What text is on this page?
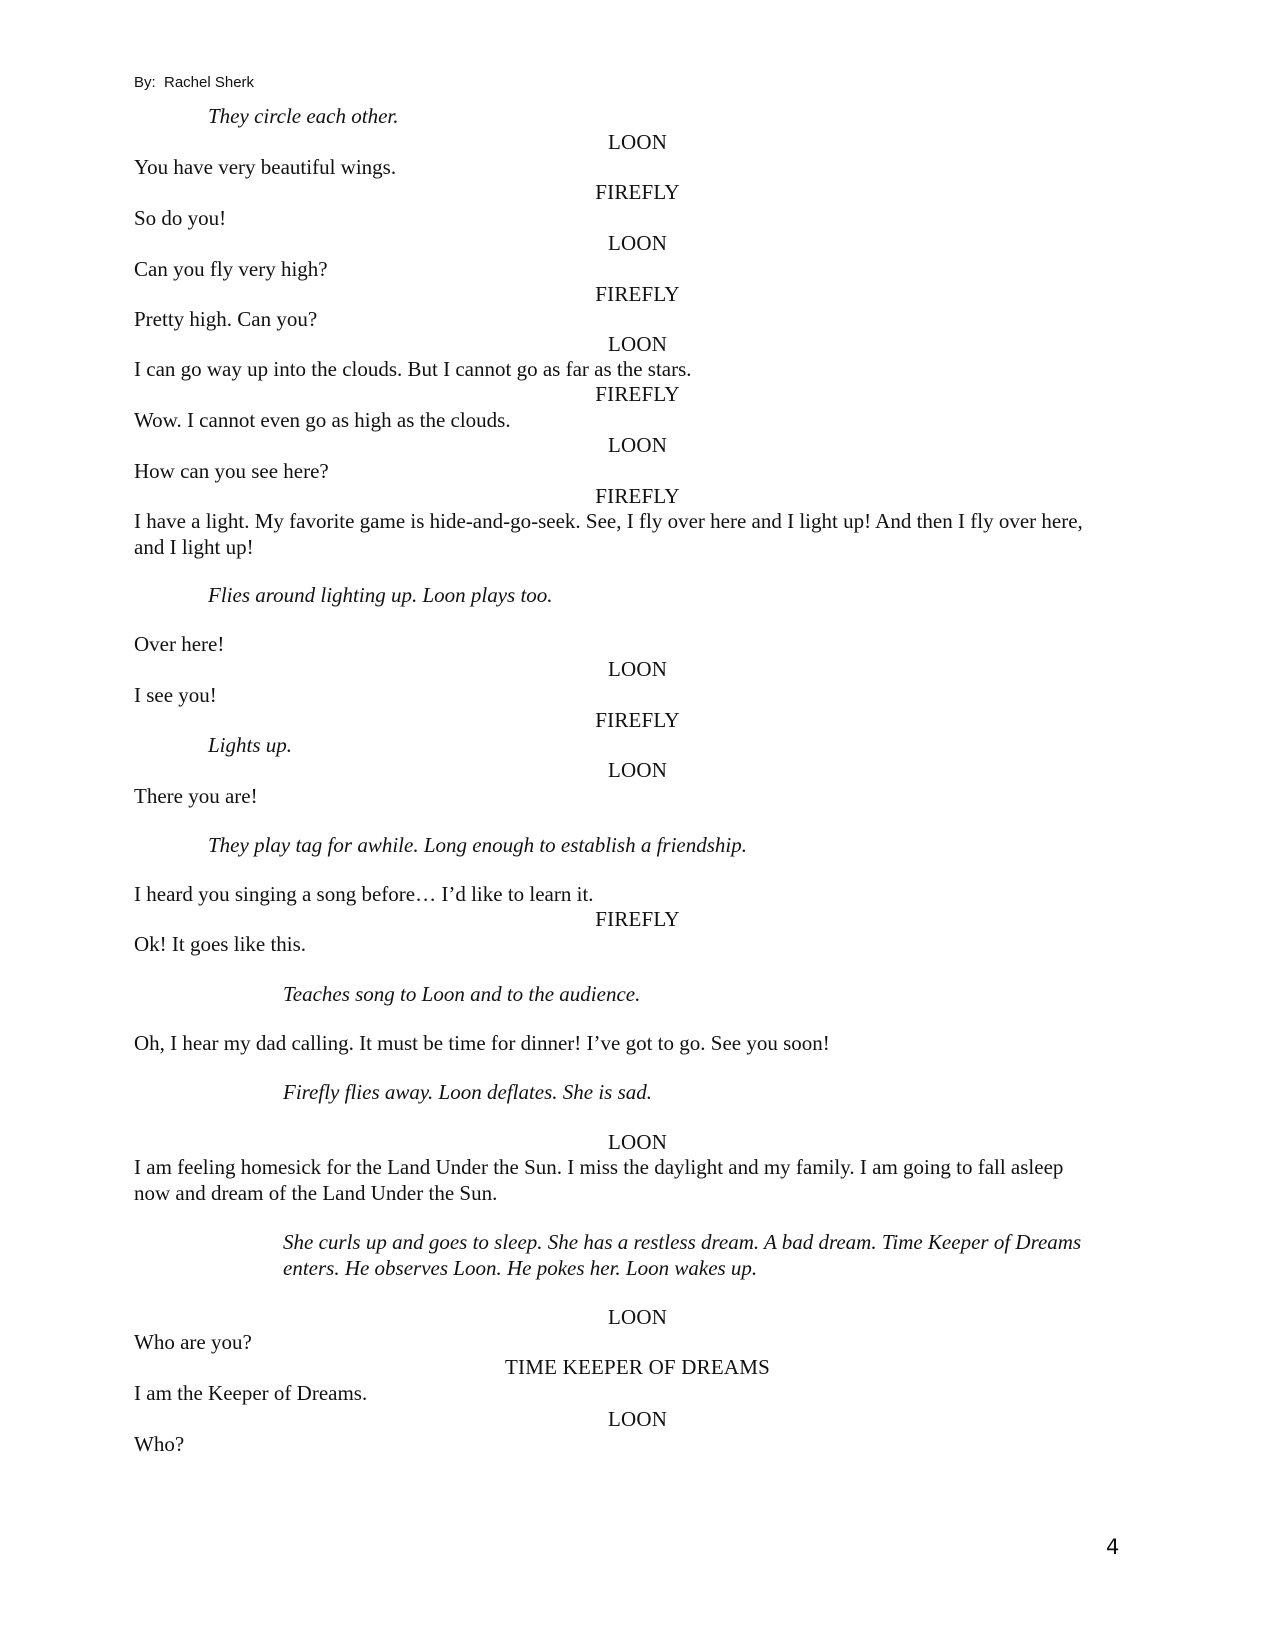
By:  Rachel Sherk
They circle each other.
LOON
You have very beautiful wings.
FIREFLY
So do you!
LOON
Can you fly very high?
FIREFLY
Pretty high. Can you?
LOON
I can go way up into the clouds. But I cannot go as far as the stars.
FIREFLY
Wow. I cannot even go as high as the clouds.
LOON
How can you see here?
FIREFLY
I have a light. My favorite game is hide-and-go-seek. See, I fly over here and I light up! And then I fly over here, and I light up!
Flies around lighting up. Loon plays too.
Over here!
LOON
I see you!
FIREFLY
Lights up.
LOON
There you are!
They play tag for awhile. Long enough to establish a friendship.
I heard you singing a song before… I’d like to learn it.
FIREFLY
Ok! It goes like this.
Teaches song to Loon and to the audience.
Oh, I hear my dad calling. It must be time for dinner! I’ve got to go. See you soon!
Firefly flies away. Loon deflates. She is sad.
LOON
I am feeling homesick for the Land Under the Sun. I miss the daylight and my family. I am going to fall asleep now and dream of the Land Under the Sun.
She curls up and goes to sleep. She has a restless dream. A bad dream. Time Keeper of Dreams enters. He observes Loon. He pokes her. Loon wakes up.
LOON
Who are you?
TIME KEEPER OF DREAMS
I am the Keeper of Dreams.
LOON
Who?
4
